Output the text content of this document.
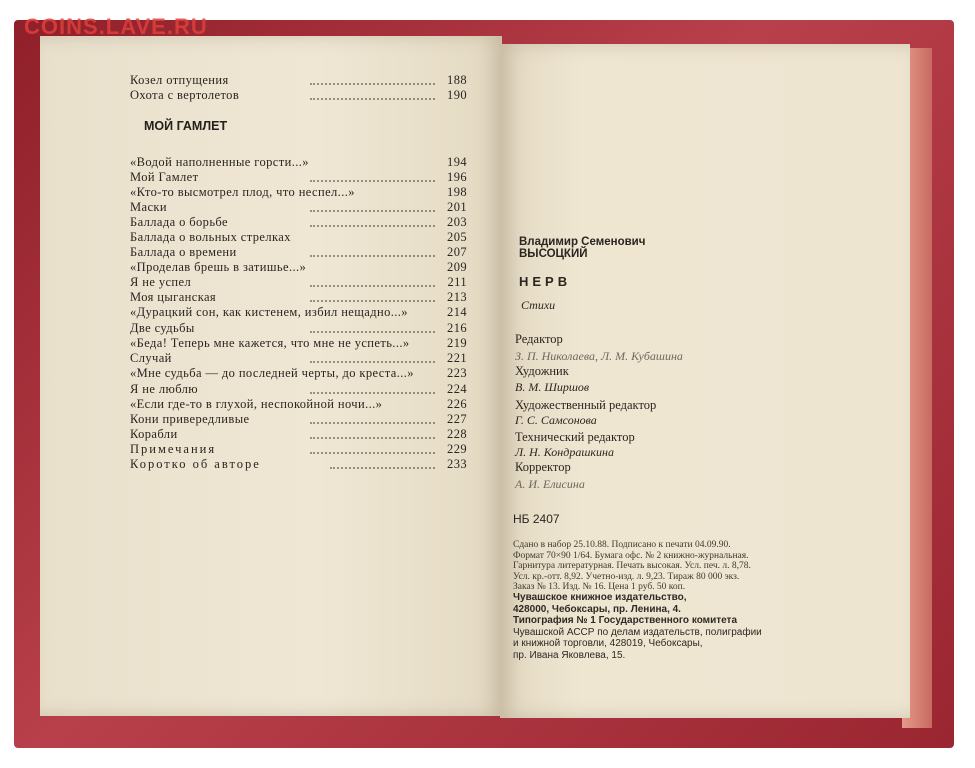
COINS.LAVE.RU
Козел отпущения	188
Охота с вертолетов	190
МОЙ ГАМЛЕТ
«Водой наполненные горсти...»	194
Мой Гамлет	196
«Кто-то высмотрел плод, что неспел...»	198
Маски	201
Баллада о борьбе	203
Баллада о вольных стрелках	205
Баллада о времени	207
«Проделав брешь в затишье...»	209
Я не успел	211
Моя цыганская	213
«Дурацкий сон, как кистенем, избил нещадно...»	214
Две судьбы	216
«Беда! Теперь мне кажется, что мне не успеть...»	219
Случай	221
«Мне судьба — до последней черты, до креста...»	223
Я не люблю	224
«Если где-то в глухой, неспокойной ночи...»	226
Кони привередливые	227
Корабли	228
Примечания	229
Коротко об авторе	233
Владимир Семенович
ВЫСОЦКИЙ
НЕРВ
Стихи
Редактор
З. П. Николаева, Л. М. Кубашина
Художник
В. М. Ширшов
Художественный редактор
Г. С. Самсонова
Технический редактор
Л. Н. Кондрашкина
Корректор
А. И. Елисина
НБ 2407
Сдано в набор 25.10.88. Подписано к печати 04.09.90.
Формат 70×90 1/64. Бумага офс. № 2 книжно-журнальная.
Гарнитура литературная. Печать высокая. Усл. печ. л. 8,78.
Усл. кр.-отт. 8,92. Учетно-изд. л. 9,23. Тираж 80 000 экз.
Заказ № 13. Изд. № 16. Цена 1 руб. 50 коп.
Чувашское книжное издательство,
428000, Чебоксары, пр. Ленина, 4.
Типография № 1 Государственного комитета
Чувашской АССР по делам издательств, полиграфии
и книжной торговли, 428019, Чебоксары,
пр. Ивана Яковлева, 15.
